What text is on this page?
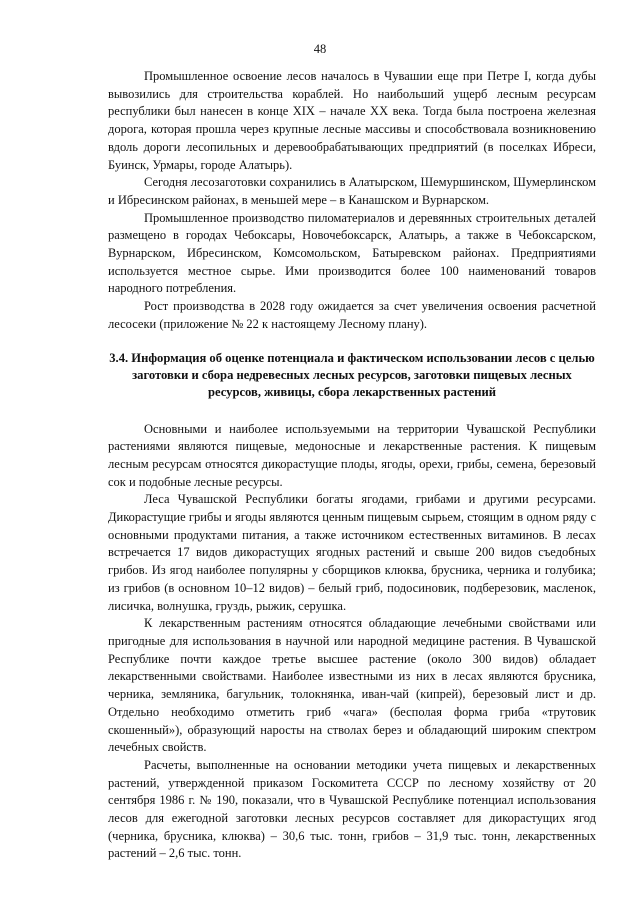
48

Промышленное освоение лесов началось в Чувашии еще при Петре I, когда дубы вывозились для строительства кораблей. Но наибольший ущерб лесным ресурсам республики был нанесен в конце XIX – начале XX века. Тогда была построена железная дорога, которая прошла через крупные лесные массивы и способствовала возникновению вдоль дороги лесопильных и деревообрабатывающих предприятий (в поселках Ибреси, Буинск, Урмары, городе Алатырь).

Сегодня лесозаготовки сохранились в Алатырском, Шемуршинском, Шумерлинском и Ибресинском районах, в меньшей мере – в Канашском и Вурнарском.

Промышленное производство пиломатериалов и деревянных строительных деталей размещено в городах Чебоксары, Новочебоксарск, Алатырь, а также в Чебоксарском, Вурнарском, Ибресинском, Комсомольском, Батыревском районах. Предприятиями используется местное сырье. Ими производится более 100 наименований товаров народного потребления.

Рост производства в 2028 году ожидается за счет увеличения освоения расчетной лесосеки (приложение № 22 к настоящему Лесному плану).

3.4. Информация об оценке потенциала и фактическом использовании лесов с целью заготовки и сбора недревесных лесных ресурсов, заготовки пищевых лесных ресурсов, живицы, сбора лекарственных растений

Основными и наиболее используемыми на территории Чувашской Республики растениями являются пищевые, медоносные и лекарственные растения. К пищевым лесным ресурсам относятся дикорастущие плоды, ягоды, орехи, грибы, семена, березовый сок и подобные лесные ресурсы.

Леса Чувашской Республики богаты ягодами, грибами и другими ресурсами. Дикорастущие грибы и ягоды являются ценным пищевым сырьем, стоящим в одном ряду с основными продуктами питания, а также источником естественных витаминов. В лесах встречается 17 видов дикорастущих ягодных растений и свыше 200 видов съедобных грибов. Из ягод наиболее популярны у сборщиков клюква, брусника, черника и голубика; из грибов (в основном 10–12 видов) – белый гриб, подосиновик, подберезовик, масленок, лисичка, волнушка, груздь, рыжик, серушка.

К лекарственным растениям относятся обладающие лечебными свойствами или пригодные для использования в научной или народной медицине растения. В Чувашской Республике почти каждое третье высшее растение (около 300 видов) обладает лекарственными свойствами. Наиболее известными из них в лесах являются брусника, черника, земляника, багульник, толокнянка, иван-чай (кипрей), березовый лист и др. Отдельно необходимо отметить гриб «чага» (бесполая форма гриба «трутовик скошенный»), образующий наросты на стволах берез и обладающий широким спектром лечебных свойств.

Расчеты, выполненные на основании методики учета пищевых и лекарственных растений, утвержденной приказом Госкомитета СССР по лесному хозяйству от 20 сентября 1986 г. № 190, показали, что в Чувашской Республике потенциал использования лесов для ежегодной заготовки лесных ресурсов составляет для дикорастущих ягод (черника, брусника, клюква) – 30,6 тыс. тонн, грибов – 31,9 тыс. тонн, лекарственных растений – 2,6 тыс. тонн.
